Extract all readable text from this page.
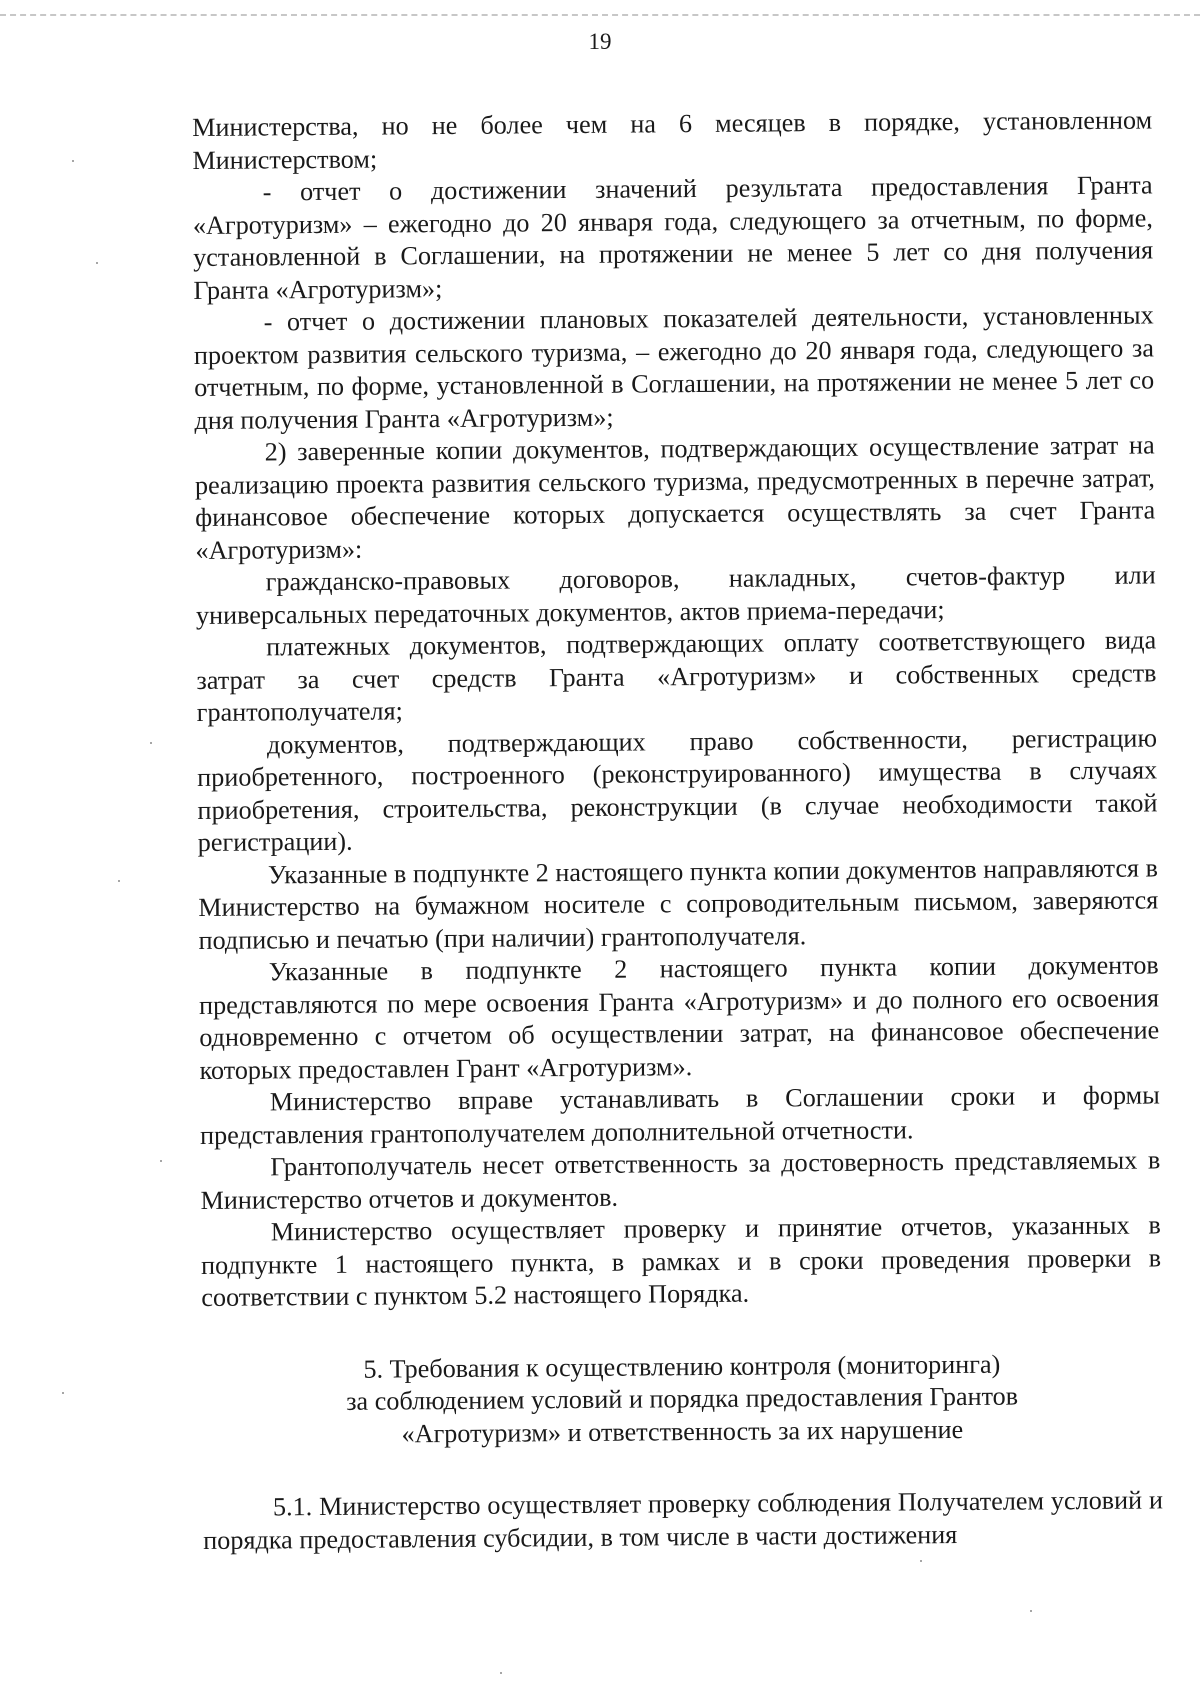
19

Министерства, но не более чем на 6 месяцев в порядке, установленном Министерством;

- отчет о достижении значений результата предоставления Гранта «Агротуризм» – ежегодно до 20 января года, следующего за отчетным, по форме, установленной в Соглашении, на протяжении не менее 5 лет со дня получения Гранта «Агротуризм»;

- отчет о достижении плановых показателей деятельности, установленных проектом развития сельского туризма, – ежегодно до 20 января года, следующего за отчетным, по форме, установленной в Соглашении, на протяжении не менее 5 лет со дня получения Гранта «Агротуризм»;

2) заверенные копии документов, подтверждающих осуществление затрат на реализацию проекта развития сельского туризма, предусмотренных в перечне затрат, финансовое обеспечение которых допускается осуществлять за счет Гранта «Агротуризм»:

гражданско-правовых договоров, накладных, счетов-фактур или универсальных передаточных документов, актов приема-передачи;

платежных документов, подтверждающих оплату соответствующего вида затрат за счет средств Гранта «Агротуризм» и собственных средств грантополучателя;

документов, подтверждающих право собственности, регистрацию приобретенного, построенного (реконструированного) имущества в случаях приобретения, строительства, реконструкции (в случае необходимости такой регистрации).

Указанные в подпункте 2 настоящего пункта копии документов направляются в Министерство на бумажном носителе с сопроводительным письмом, заверяются подписью и печатью (при наличии) грантополучателя.

Указанные в подпункте 2 настоящего пункта копии документов представляются по мере освоения Гранта «Агротуризм» и до полного его освоения одновременно с отчетом об осуществлении затрат, на финансовое обеспечение которых предоставлен Грант «Агротуризм».

Министерство вправе устанавливать в Соглашении сроки и формы представления грантополучателем дополнительной отчетности.

Грантополучатель несет ответственность за достоверность представляемых в Министерство отчетов и документов.

Министерство осуществляет проверку и принятие отчетов, указанных в подпункте 1 настоящего пункта, в рамках и в сроки проведения проверки в соответствии с пунктом 5.2 настоящего Порядка.

5. Требования к осуществлению контроля (мониторинга)
за соблюдением условий и порядка предоставления Грантов
«Агротуризм» и ответственность за их нарушение

5.1. Министерство осуществляет проверку соблюдения Получателем условий и порядка предоставления субсидии, в том числе в части достижения
